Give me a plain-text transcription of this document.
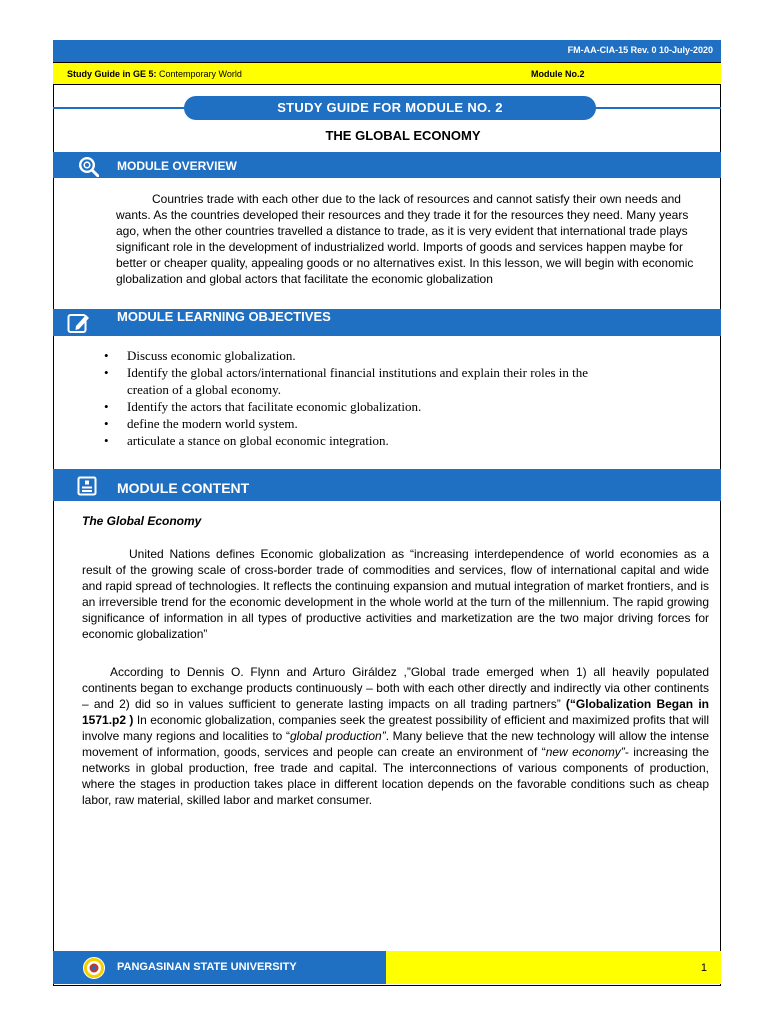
FM-AA-CIA-15 Rev. 0 10-July-2020
Study Guide in GE 5: Contemporary World	Module No.2
STUDY GUIDE FOR MODULE NO. 2
THE GLOBAL ECONOMY
MODULE OVERVIEW
Countries trade with each other due to the lack of resources and cannot satisfy their own needs and wants. As the countries developed their resources and they trade it for the resources they need. Many years ago, when the other countries travelled a distance to trade, as it is very evident that international trade plays significant role in the development of industrialized world. Imports of goods and services happen maybe for better or cheaper quality, appealing goods or no alternatives exist. In this lesson, we will begin with economic globalization and global actors that facilitate the economic globalization
MODULE LEARNING OBJECTIVES
• Discuss economic globalization.
• Identify the global actors/international financial institutions and explain their roles in the creation of a global economy.
• Identify the actors that facilitate economic globalization.
• define the modern world system.
• articulate a stance on global economic integration.
MODULE CONTENT
The Global Economy
United Nations defines Economic globalization as “increasing interdependence of world economies as a result of the growing scale of cross-border trade of commodities and services, flow of international capital and wide and rapid spread of technologies. It reflects the continuing expansion and mutual integration of market frontiers, and is an irreversible trend for the economic development in the whole world at the turn of the millennium. The rapid growing significance of information in all types of productive activities and marketization are the two major driving forces for economic globalization”
According to Dennis O. Flynn and Arturo Giráldez ,”Global trade emerged when 1) all heavily populated continents began to exchange products continuously – both with each other directly and indirectly via other continents – and 2) did so in values sufficient to generate lasting impacts on all trading partners” (“Globalization Began in 1571.p2 ) In economic globalization, companies seek the greatest possibility of efficient and maximized profits that will involve many regions and localities to “global production”. Many believe that the new technology will allow the intense movement of information, goods, services and people can create an environment of “new economy”- increasing the networks in global production, free trade and capital. The interconnections of various components of production, where the stages in production takes place in different location depends on the favorable conditions such as cheap labor, raw material, skilled labor and market consumer.
PANGASINAN STATE UNIVERSITY	1
